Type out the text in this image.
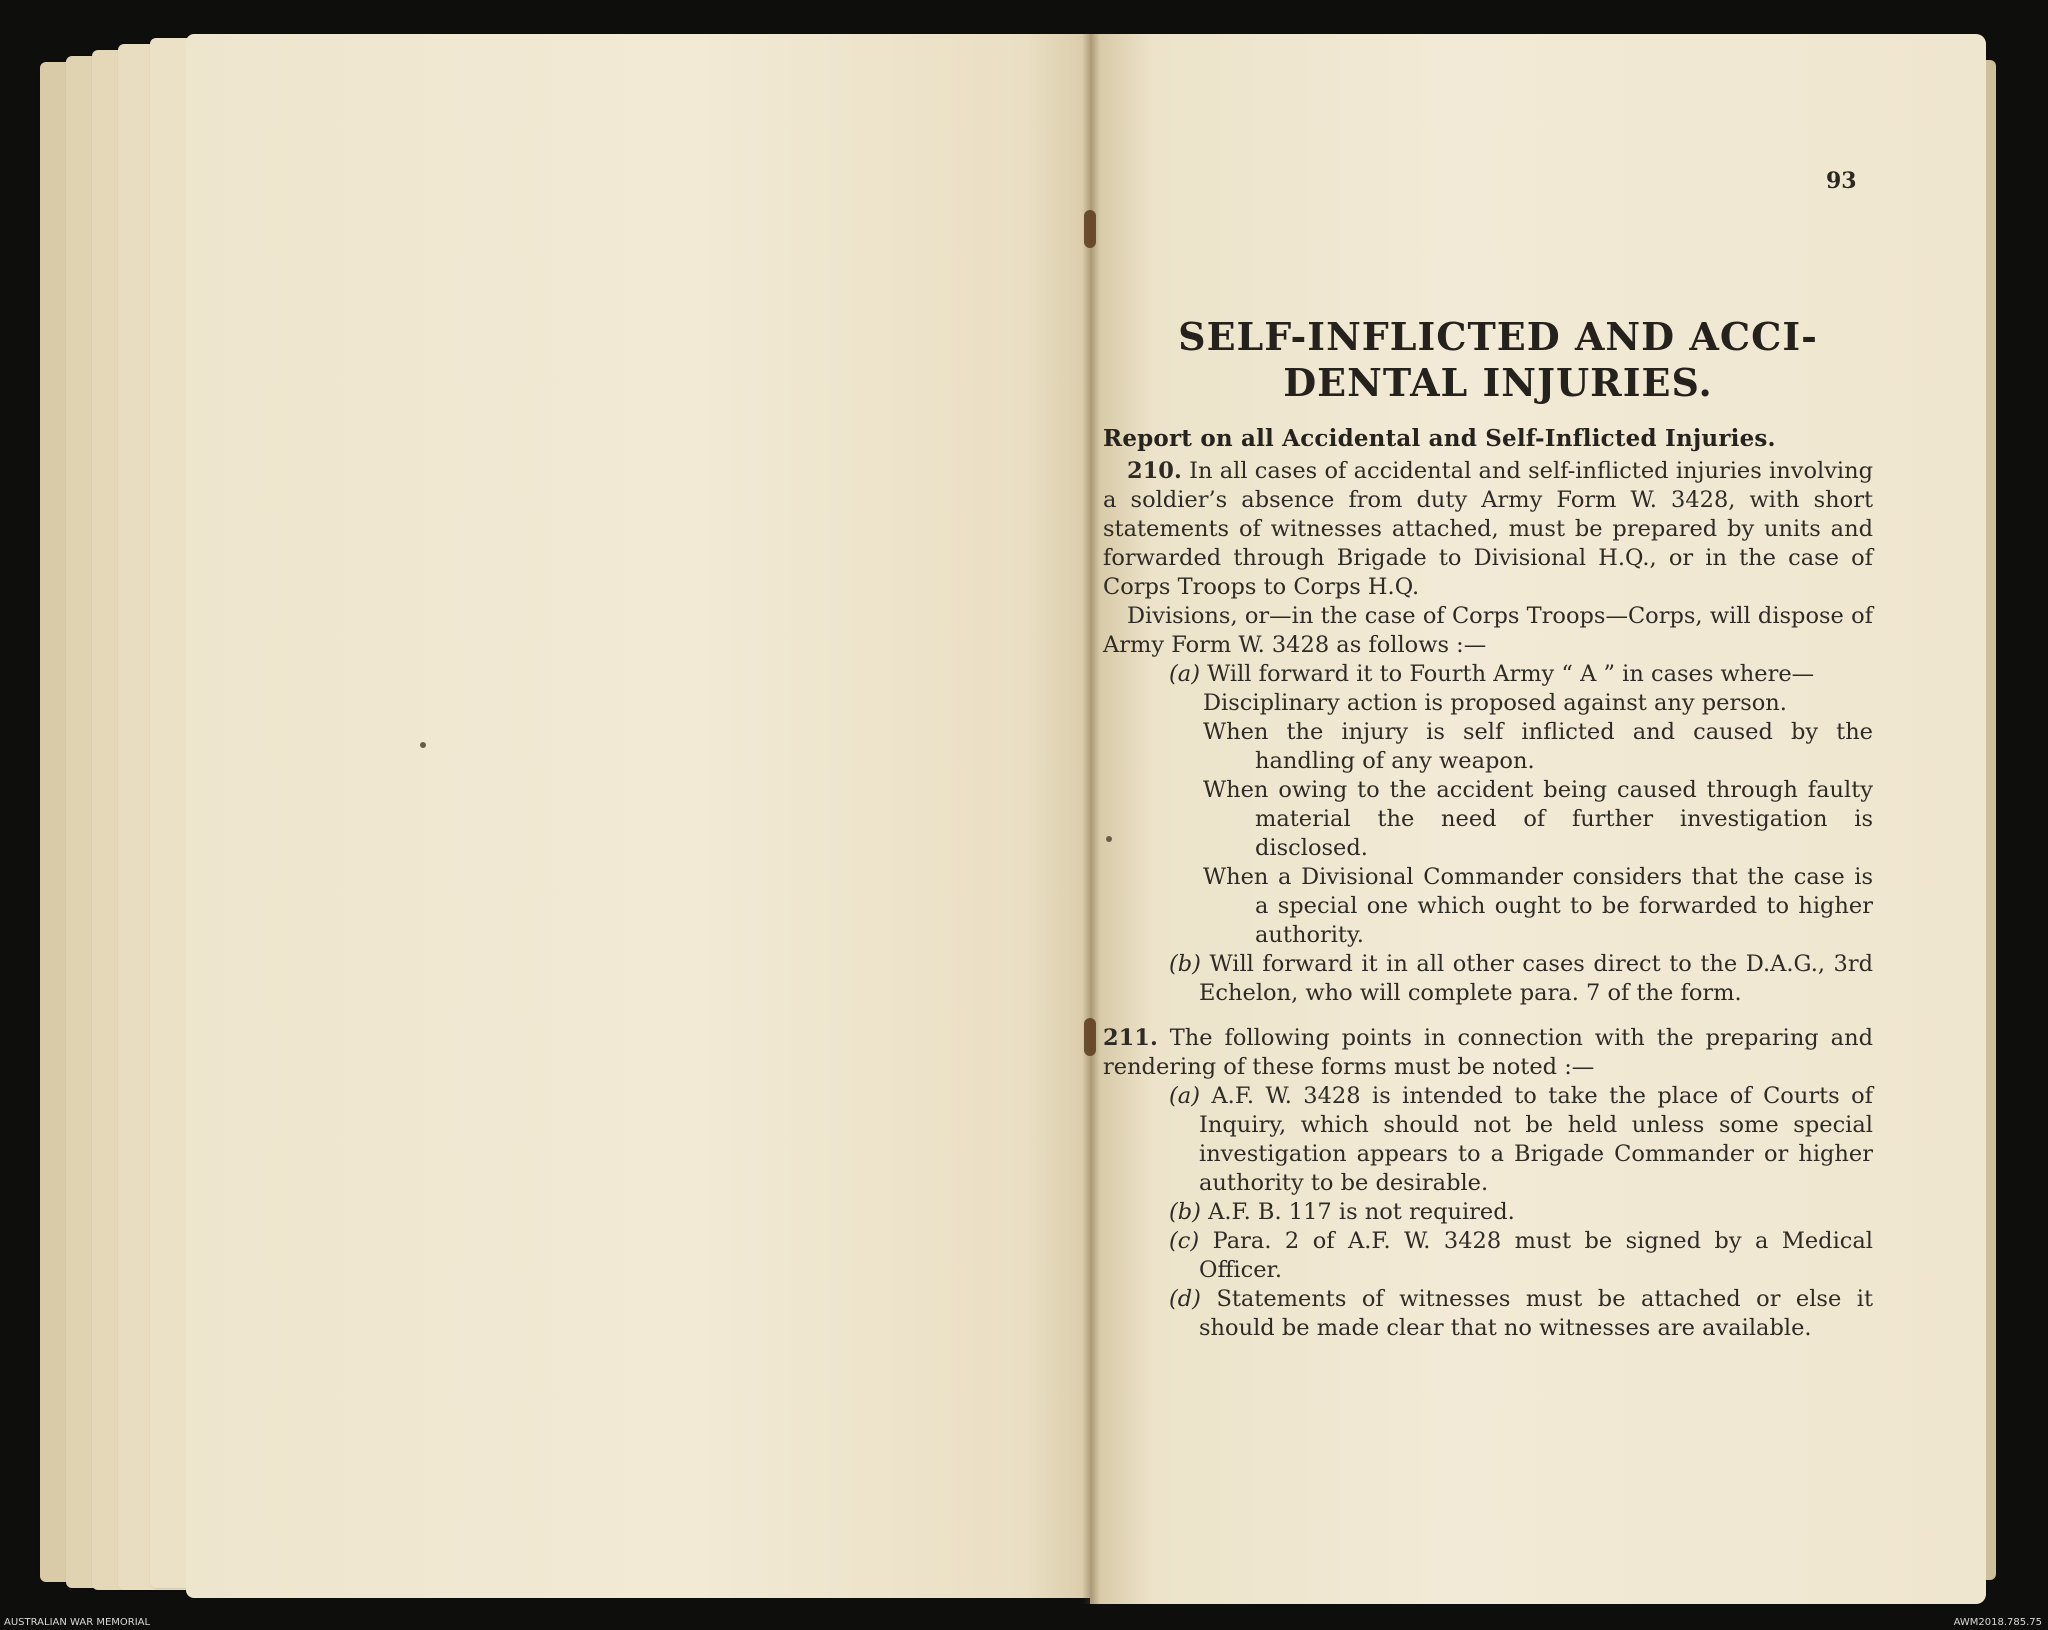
93
SELF-INFLICTED AND ACCI-
DENTAL INJURIES.

Report on all Accidental and Self-Inflicted Injuries.

210. In all cases of accidental and self-inflicted injuries involving a soldier’s absence from duty Army Form W. 3428, with short statements of witnesses attached, must be prepared by units and forwarded through Brigade to Divisional H.Q., or in the case of Corps Troops to Corps H.Q.

Divisions, or—in the case of Corps Troops—Corps, will dispose of Army Form W. 3428 as follows :—

(a) Will forward it to Fourth Army “ A ” in cases where—

Disciplinary action is proposed against any person.

When the injury is self inflicted and caused by the handling of any weapon.

When owing to the accident being caused through faulty material the need of further investigation is disclosed.

When a Divisional Commander considers that the case is a special one which ought to be forwarded to higher authority.

(b) Will forward it in all other cases direct to the D.A.G., 3rd Echelon, who will complete para. 7 of the form.

211. The following points in connection with the preparing and rendering of these forms must be noted :—

(a) A.F. W. 3428 is intended to take the place of Courts of Inquiry, which should not be held unless some special investigation appears to a Brigade Commander or higher authority to be desirable.

(b) A.F. B. 117 is not required.

(c) Para. 2 of A.F. W. 3428 must be signed by a Medical Officer.

(d) Statements of witnesses must be attached or else it should be made clear that no witnesses are available.

AUSTRALIAN WAR MEMORIAL	AWM2018.785.75
